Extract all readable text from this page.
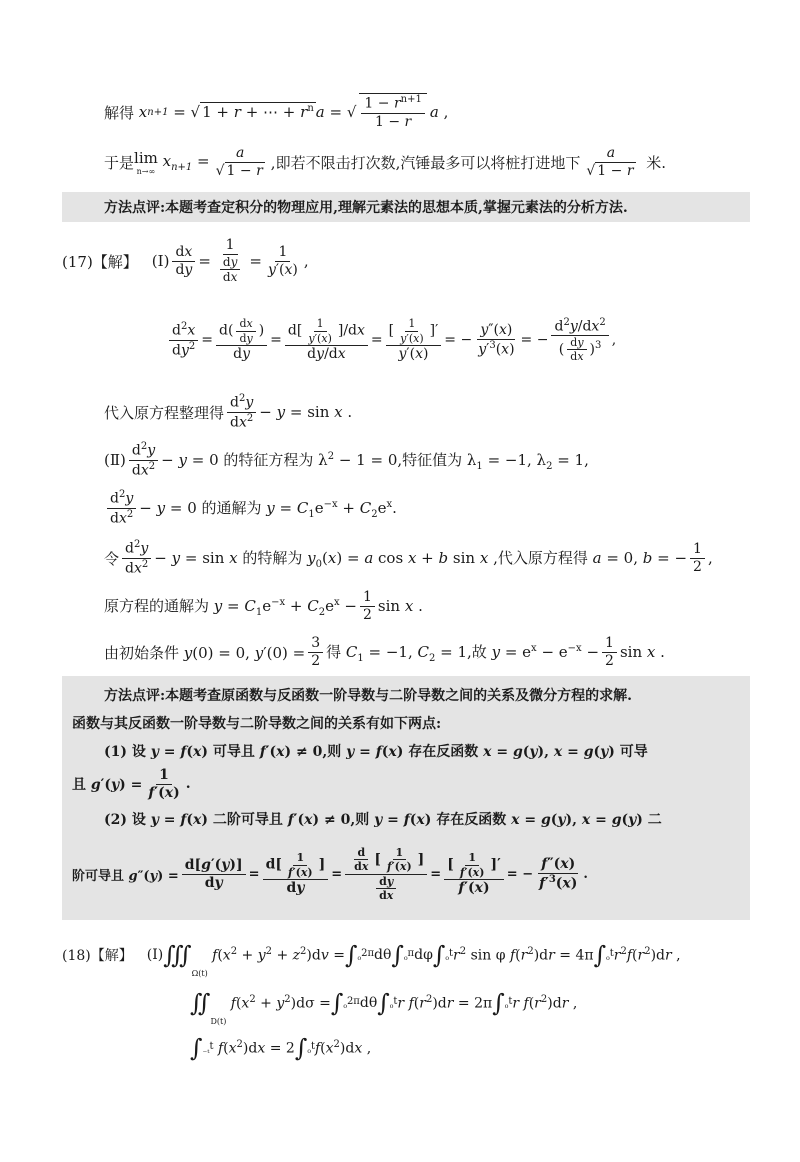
解得 x n+1 = √ 1 + r + ⋯ + $r^n$ a = √ $\frac{1 - r^{n+1}}{1 - r}$ a ,
于是 lim
n→∞
$x_{n+1} = \frac{a}{√ 1 - r}$ ,即若不限击打次数,汽锤最多可以将桩打进地下 $\frac{a}{√ 1 - r}$ 米.
方法点评:本题考查定积分的物理应用,理解元素法的思想本质,掌握元素法的分析方法.
(17)【解】 (Ⅰ) $\frac{dx}{dy} = \frac{1}{\frac{dy}{dx}} = \frac{1}{y'(x)}$ ,
$\frac{d^2x}{dy^2} = \frac{d( \frac{dx}{dy} )}{dy} = \frac{d[ \frac{1}{y'(x)} ]/dx}{dy/dx} = \frac{[ \frac{1}{y'(x)} ]'}{y'(x)}$ = − $\frac{y''(x)}{y'^3(x)}$ = − $\frac{d^2y/dx^2}{( \frac{dy}{dx} )^3}$ ,
代入原方程整理得 $\frac{d^2y}{dx^2} - y = \sin x$ .
(Ⅱ) $\frac{d^2y}{dx^2} - y = 0$ 的特征方程为 $\lambda^2 - 1 = 0$,特征值为 $\lambda_1 = -1$, $\lambda_2 = 1$,
$\frac{d^2y}{dx^2} - y = 0$ 的通解为 $y = C_1e^{-x} + C_2e^x$.
令 $\frac{d^2y}{dx^2} - y = \sin x$ 的特解为 $y_0(x) = a$ cos x + b sin x ,代入原方程得 a = 0, b = − $\frac{1}{2}$ ,
原方程的通解为 $y = C_1e^{-x} + C_2e^x - \frac{1}{2}$ sin x .
由初始条件 y(0) = 0, $y'(0) = \frac{3}{2}$ 得 $C_1 = -1$, $C_2 = 1$,故 $y = e^x - e^{-x} - \frac{1}{2}$ sin x .
方法点评:本题考查原函数与反函数一阶导数与二阶导数之间的关系及微分方程的求解.
函数与其反函数一阶导数与二阶导数之间的关系有如下两点:
(1) 设 y = f(x) 可导且 f′(x) ≠ 0,则 y = f(x) 存在反函数 x = g(y), x = g(y) 可导
且 $g'(y) = \frac{1}{f'(x)}$ .
(2) 设 y = f(x) 二阶可导且 f′(x) ≠ 0,则 y = f(x) 存在反函数 x = g(y), x = g(y) 二
阶可导且 $g''(y) = \frac{d[g'(y)]}{dy} = \frac{d[ \frac{1}{f'(x)} ]}{dy} = \frac{\frac{d}{dx} [ \frac{1}{f'(x)} ]}{\frac{dy}{dx}} = \frac{[ \frac{1}{f'(x)} ]'}{f'(x)}$ = − $\frac{f''(x)}{f'^3(x)}$ .
(18)【解】 (Ⅰ) ∭
Ω(t)
$f(x^2 + y^2 + z^2)dv$ = ∫ ₀$^{2\pi}$ dθ ∫ ₀$^\pi$ dφ ∫ ₀$^t$ $r^2$ sin φ $f(r^2)dr = 4\pi$ ∫ ₀$^t$ $r^2f(r^2)dr$ ,
∬
D(t)
$f(x^2 + y^2)d\sigma$ = ∫ ₀$^{2\pi}$ dθ ∫ ₀$^t$ r $f(r^2)dr = 2\pi$ ∫ ₀$^t$ r $f(r^2)dr$ ,
∫ ₋ₜ$^t$ $f(x^2)dx = 2$ ∫ ₀$^t$ $f(x^2)dx$ ,
